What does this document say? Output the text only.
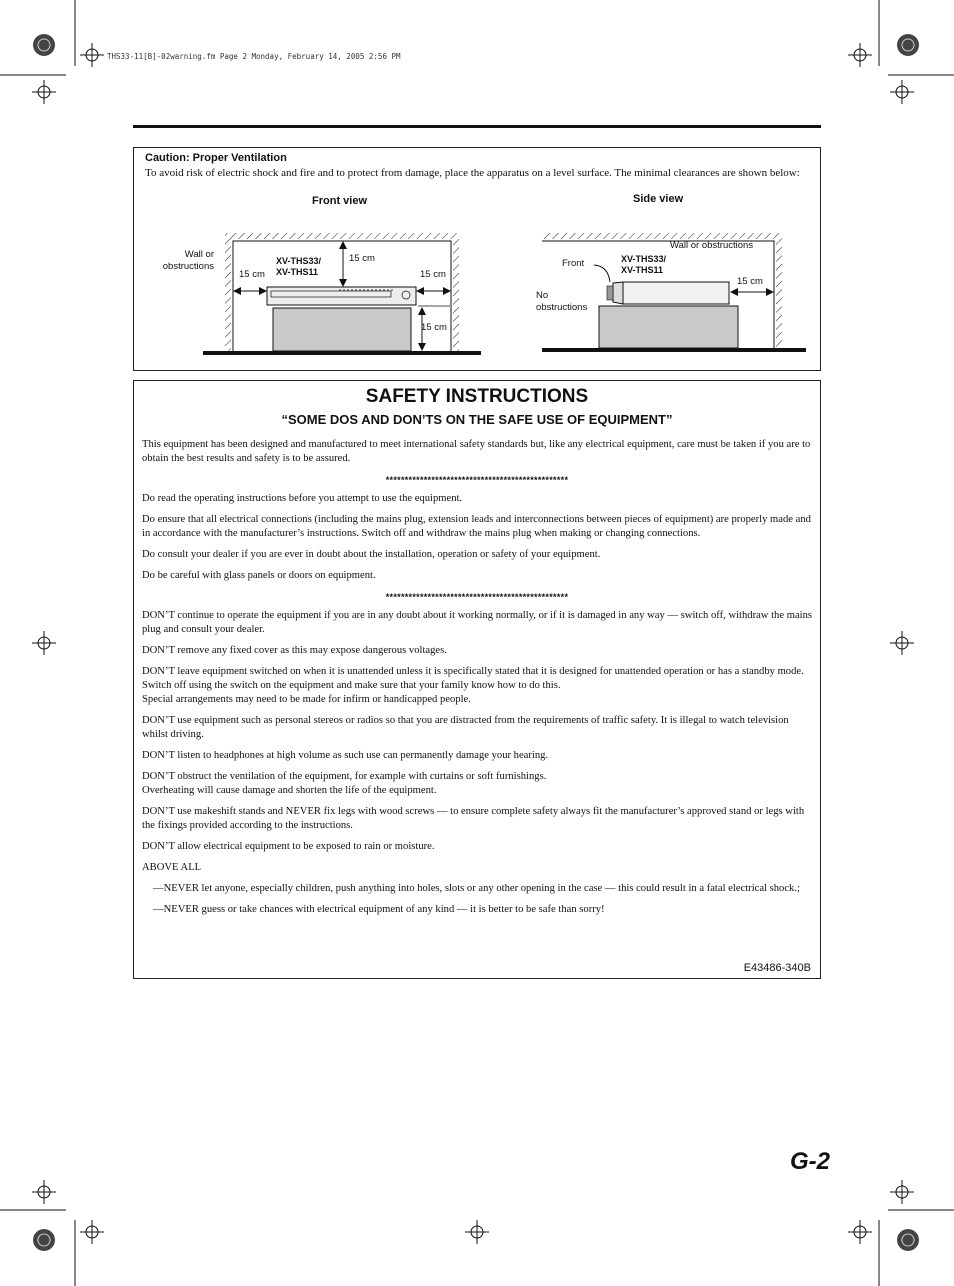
THS33-11[B]-02warning.fm Page 2 Monday, February 14, 2005 2:56 PM
Caution: Proper Ventilation
To avoid risk of electric shock and fire and to protect from damage, place the apparatus on a level surface. The minimal clearances are shown below:
Front view
Wall or
obstructions	XV-THS33/
XV-THS11
15 cm
15 cm	15 cm
15 cm
Side view
Wall or obstructions
Front	XV-THS33/
XV-THS11
15 cm
No
obstructions
SAFETY INSTRUCTIONS
“SOME DOS AND DON’TS ON THE SAFE USE OF EQUIPMENT”

This equipment has been designed and manufactured to meet international safety standards but, like any electrical equipment, care must be taken if you are to obtain the best results and safety is to be assured.

************************************************

Do read the operating instructions before you attempt to use the equipment.

Do ensure that all electrical connections (including the mains plug, extension leads and interconnections between pieces of equipment) are properly made and in accordance with the manufacturer’s instructions. Switch off and withdraw the mains plug when making or changing connections.

Do consult your dealer if you are ever in doubt about the installation, operation or safety of your equipment.

Do be careful with glass panels or doors on equipment.

************************************************

DON’T continue to operate the equipment if you are in any doubt about it working normally, or if it is damaged in any way — switch off, withdraw the mains plug and consult your dealer.

DON’T remove any fixed cover as this may expose dangerous voltages.

DON’T leave equipment switched on when it is unattended unless it is specifically stated that it is designed for unattended operation or has a standby mode.
Switch off using the switch on the equipment and make sure that your family know how to do this.
Special arrangements may need to be made for infirm or handicapped people.

DON’T use equipment such as personal stereos or radios so that you are distracted from the requirements of traffic safety. It is illegal to watch television whilst driving.

DON’T listen to headphones at high volume as such use can permanently damage your hearing.

DON’T obstruct the ventilation of the equipment, for example with curtains or soft furnishings.
Overheating will cause damage and shorten the life of the equipment.

DON’T use makeshift stands and NEVER fix legs with wood screws — to ensure complete safety always fit the manufacturer’s approved stand or legs with the fixings provided according to the instructions.

DON’T allow electrical equipment to be exposed to rain or moisture.

ABOVE ALL

—NEVER let anyone, especially children, push anything into holes, slots or any other opening in the case — this could result in a fatal electrical shock.;

—NEVER guess or take chances with electrical equipment of any kind — it is better to be safe than sorry!

E43486-340B
G-2
